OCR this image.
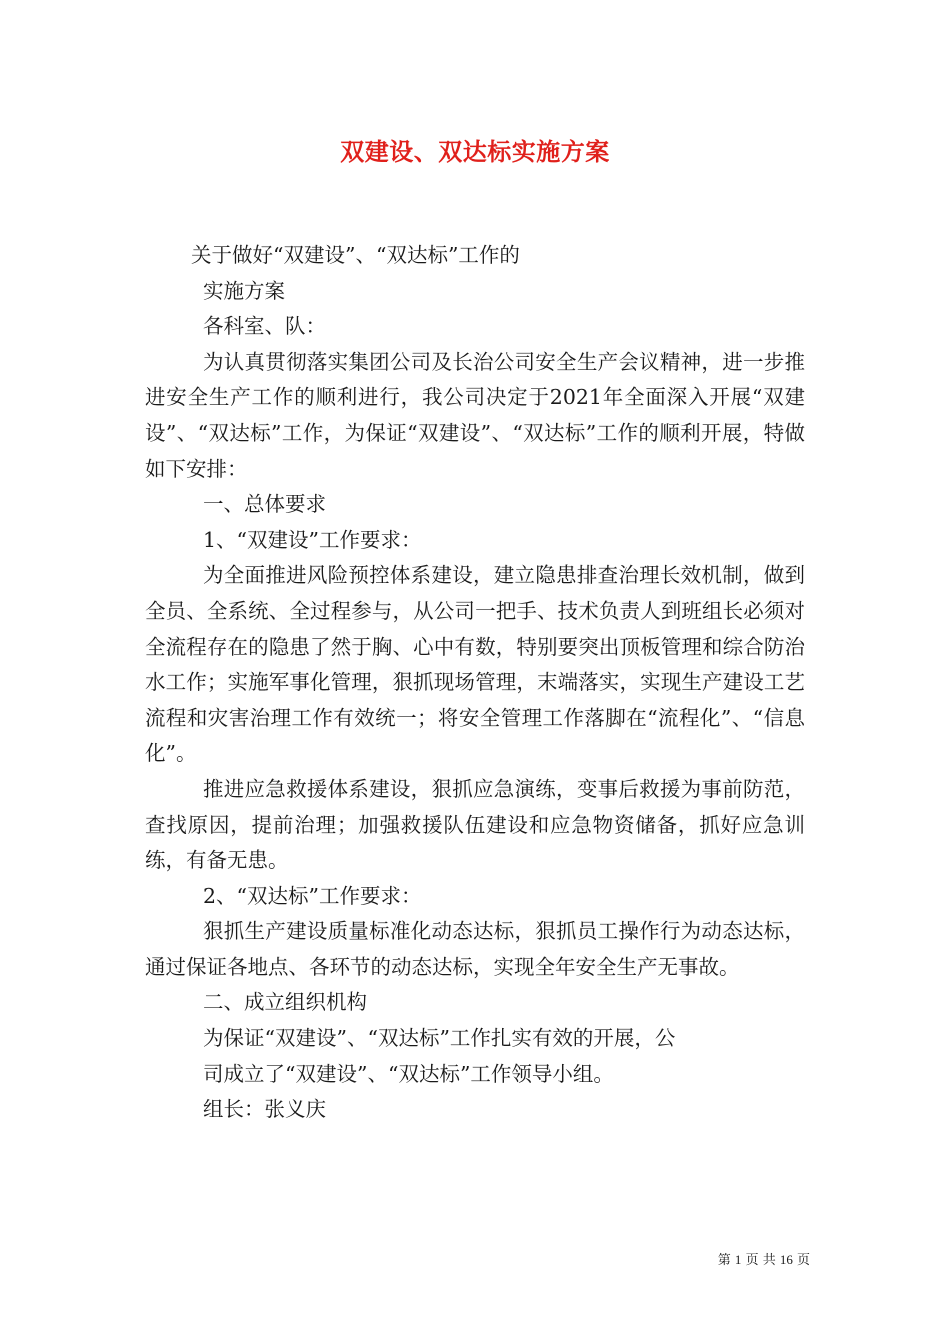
双建设、双达标实施方案
关于做好“双建设”、“双达标”工作的
实施方案
各科室、队：

为认真贯彻落实集团公司及长治公司安全生产会议精神，进一步推进安全生产工作的顺利进行，我公司决定于2021年全面深入开展“双建设”、“双达标”工作，为保证“双建设”、“双达标”工作的顺利开展，特做如下安排：

一、总体要求
1、“双建设”工作要求：

为全面推进风险预控体系建设，建立隐患排查治理长效机制，做到全员、全系统、全过程参与，从公司一把手、技术负责人到班组长必须对全流程存在的隐患了然于胸、心中有数，特别要突出顶板管理和综合防治水工作；实施军事化管理，狠抓现场管理，末端落实，实现生产建设工艺流程和灾害治理工作有效统一；将安全管理工作落脚在“流程化”、“信息化”。

推进应急救援体系建设，狠抓应急演练，变事后救援为事前防范，查找原因，提前治理；加强救援队伍建设和应急物资储备，抓好应急训练，有备无患。

2、“双达标”工作要求：

狠抓生产建设质量标准化动态达标，狠抓员工操作行为动态达标，通过保证各地点、各环节的动态达标，实现全年安全生产无事故。

二、成立组织机构
为保证“双建设”、“双达标”工作扎实有效的开展，公
司成立了“双建设”、“双达标”工作领导小组。
组长：张义庆
第 1 页 共 16 页
